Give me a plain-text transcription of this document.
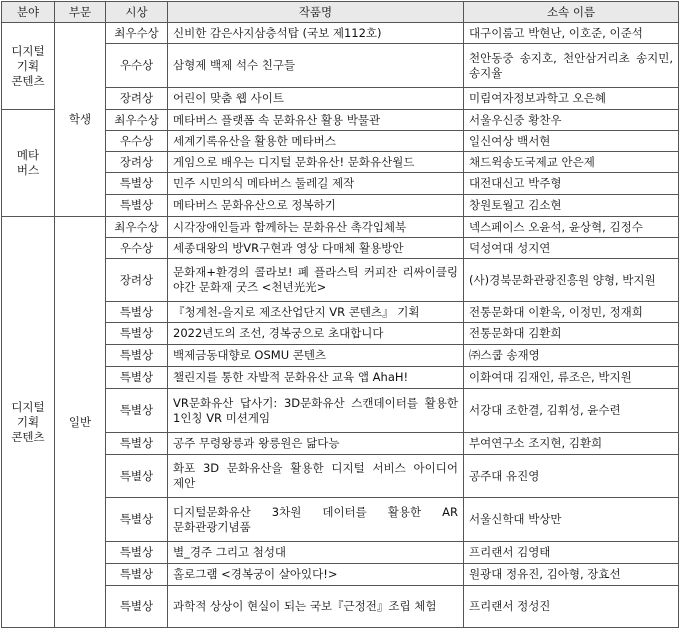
분야	부문	시상	작품명	소속 이름
디지털
기획
콘텐츠	학생	최우수상	신비한 감은사지삼층석탑 (국보 제112호)	대구이룸고 박현난, 이호준, 이준석
		우수상	삼형제 백제 석수 친구들	천안동중 송지호, 천안삼거리초 송지민, 송지율
		장려상	어린이 맞춤 웹 사이트	미림여자정보과학고 오은혜
메타
버스		최우수상	메타버스 플랫폼 속 문화유산 활용 박물관	서울우신중 황찬우
		우수상	세계기록유산을 활용한 메타버스	일신여상 백서현
		장려상	게임으로 배우는 디지털 문화유산! 문화유산월드	채드윅송도국제교 안은제
		특별상	민주 시민의식 메타버스 둘레길 제작	대전대신고 박주형
		특별상	메타버스 문화유산으로 정복하기	창원토월고 김소현
디지털
기획
콘텐츠	일반	최우수상	시각장애인들과 함께하는 문화유산 촉각입체북	넥스페이스 오윤석, 윤상혁, 김정수
		우수상	세종대왕의 방VR구현과 영상 다매체 활용방안	덕성여대 성지연
		장려상	문화재+환경의 콜라보! 폐 플라스틱 커피잔 리싸이클링 야간 문화재 굿즈 <천년光光>	(사)경북문화관광진흥원 양형, 박지원
		특별상	『청계천-을지로 제조산업단지 VR 콘텐츠』 기획	전통문화대 이환욱, 이정민, 정재희
		특별상	2022년도의 조선, 경복궁으로 초대합니다	전통문화대 김환희
		특별상	백제금동대향로 OSMU 콘텐츠	㈜스쿱 송재영
		특별상	챌린지를 통한 자발적 문화유산 교육 앱 AhaH!	이화여대 김재인, 류조은, 박지원
		특별상	VR문화유산 답사기: 3D문화유산 스캔데이터를 활용한 1인칭 VR 미션게임	서강대 조한결, 김휘성, 윤수련
		특별상	공주 무령왕릉과 왕릉원은 닮다능	부여연구소 조지현, 김환희
		특별상	화포 3D 문화유산을 활용한 디지털 서비스 아이디어 제안	공주대 유진영
		특별상	디지털문화유산 3차원 데이터를 활용한 AR 문화관광기념품	서울신학대 박상만
		특별상	별_경주 그리고 첨성대	프리랜서 김영태
		특별상	홀로그램 <경복궁이 살아있다!>	원광대 정유진, 김아형, 장효선
		특별상	과학적 상상이 현실이 되는 국보『근정전』조립 체험	프리랜서 정성진
